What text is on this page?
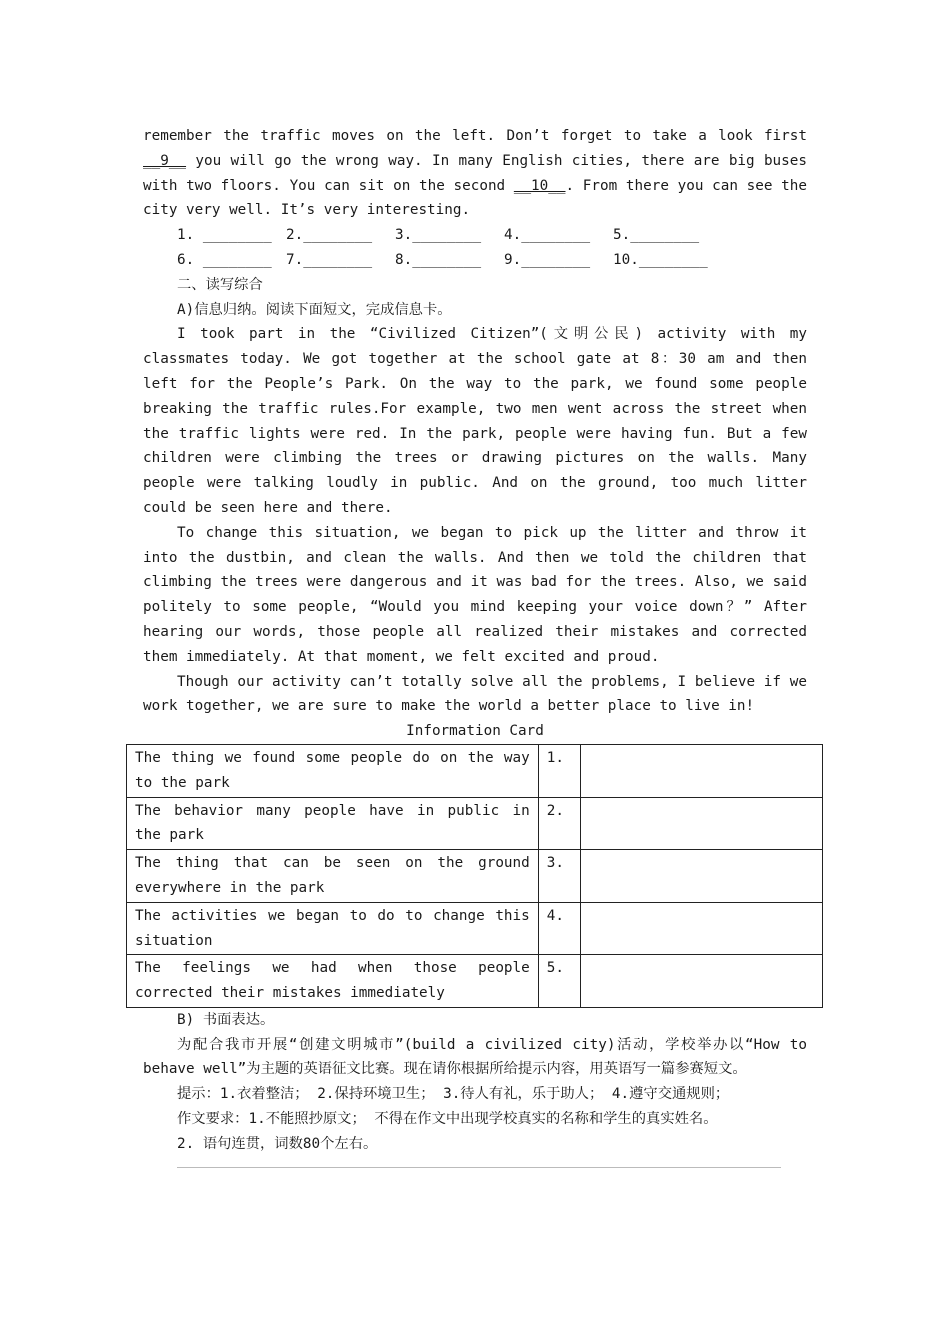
remember the traffic moves on the left. Don’t forget to take a look first __9__ you will go the wrong way. In many English cities, there are big buses with two floors. You can sit on the second __10__. From there you can see the city very well. It’s very interesting.

1. ________	2.________	3.________	4.________	5.________
6. ________	7.________	8.________	9.________	10.________

二、读写综合

A)信息归纳。阅读下面短文，完成信息卡。

I took part in the “Civilized Citizen”(文明公民) activity with my classmates today. We got together at the school gate at 8：30 am and then left for the People’s Park. On the way to the park, we found some people breaking the traffic rules.For example, two men went across the street when the traffic lights were red. In the park, people were having fun. But a few children were climbing the trees or drawing pictures on the walls. Many people were talking loudly in public. And on the ground, too much litter could be seen here and there.

To change this situation, we began to pick up the litter and throw it into the dustbin, and clean the walls. And then we told the children that climbing the trees were dangerous and it was bad for the trees. Also, we said politely to some people, “Would you mind keeping your voice down？” After hearing our words, those people all realized their mistakes and corrected them immediately. At that moment, we felt excited and proud.

Though our activity can’t totally solve all the problems, I believe if we work together, we are sure to make the world a better place to live in!

Information Card
The thing we found some people do on the way to the park	1.	
The behavior many people have in public in the park	2.	
The thing that can be seen on the ground everywhere in the park	3.	
The activities we began to do to change this situation	4.	
The feelings we had when those people corrected their mistakes immediately	5.	

B) 书面表达。

为配合我市开展“创建文明城市”(build a civilized city)活动，学校举办以“How to behave well”为主题的英语征文比赛。现在请你根据所给提示内容，用英语写一篇参赛短文。

提示：1.衣着整洁； 2.保持环境卫生； 3.待人有礼，乐于助人； 4.遵守交通规则；

作文要求：1.不能照抄原文； 不得在作文中出现学校真实的名称和学生的真实姓名。

2. 语句连贯，词数80个左右。
